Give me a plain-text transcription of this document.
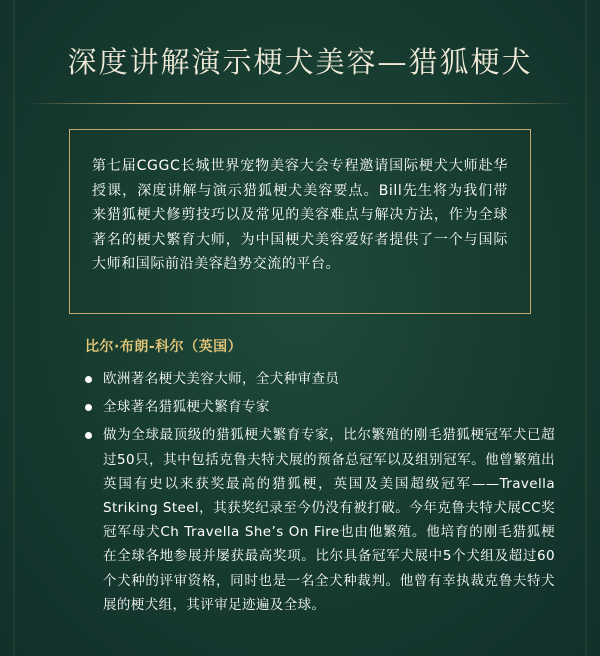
深度讲解演示梗犬美容—猎狐梗犬
第七届CGGC长城世界宠物美容大会专程邀请国际梗犬大师赴华授课，深度讲解与演示猎狐梗犬美容要点。Bill先生将为我们带来猎狐梗犬修剪技巧以及常见的美容难点与解决方法，作为全球著名的梗犬繁育大师，为中国梗犬美容爱好者提供了一个与国际大师和国际前沿美容趋势交流的平台。
比尔·布朗-科尔（英国）
欧洲著名梗犬美容大师，全犬种审查员
全球著名猎狐梗犬繁育专家
做为全球最顶级的猎狐梗犬繁育专家，比尔繁殖的刚毛猎狐梗冠军犬已超过50只，其中包括克鲁夫特犬展的预备总冠军以及组别冠军。他曾繁殖出英国有史以来获奖最高的猎狐梗，英国及美国超级冠军——Travella Striking Steel，其获奖纪录至今仍没有被打破。今年克鲁夫特犬展CC奖冠军母犬Ch Travella She’s On Fire也由他繁殖。他培育的刚毛猎狐梗在全球各地参展并屡获最高奖项。比尔具备冠军犬展中5个犬组及超过60个犬种的评审资格，同时也是一名全犬种裁判。他曾有幸执裁克鲁夫特犬展的梗犬组，其评审足迹遍及全球。
